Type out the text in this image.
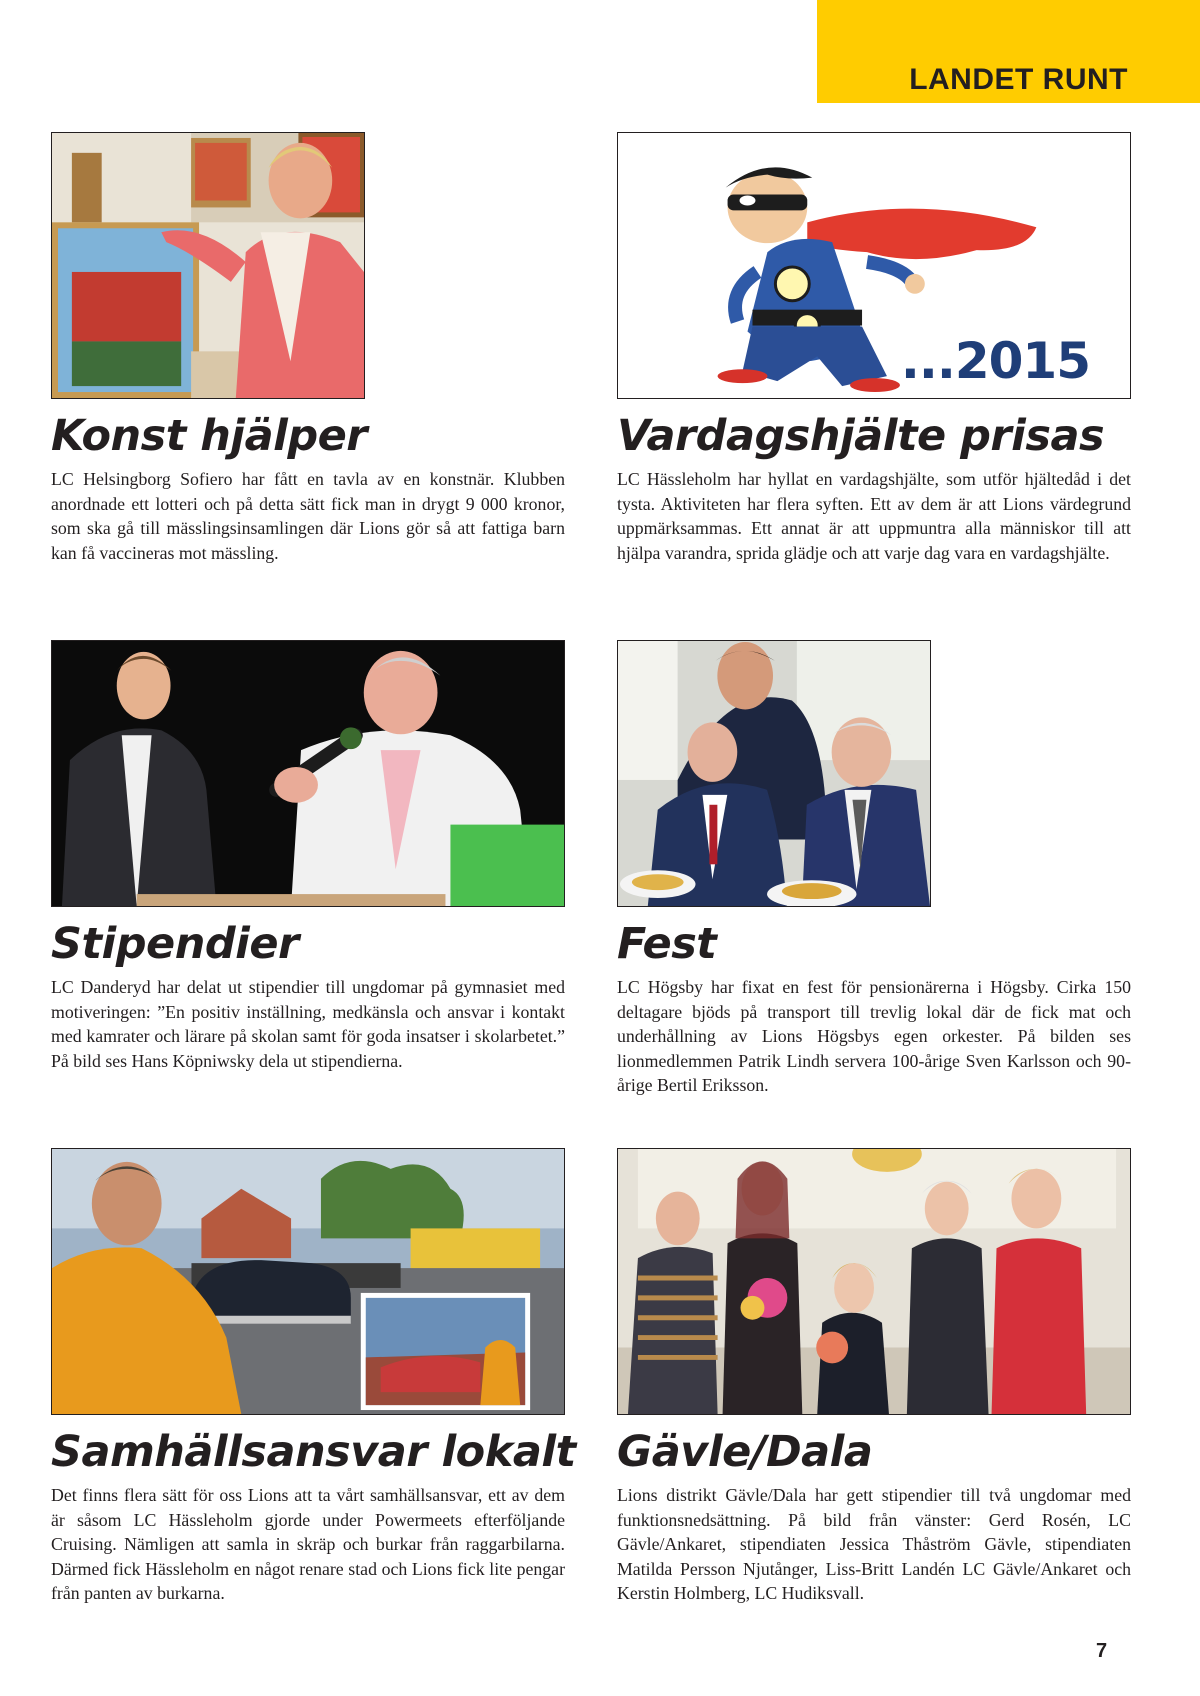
LANDET RUNT
Konst hjälper

LC Helsingborg Sofiero har fått en tavla av en konstnär. Klubben anordnade ett lotteri och på detta sätt fick man in drygt 9 000 kronor, som ska gå till mässlingsinsamlingen där Lions gör så att fattiga barn kan få vaccineras mot mässling.

...2015
Vardagshjälte prisas

LC Hässleholm har hyllat en vardagshjälte, som utför hjältedåd i det tysta. Aktiviteten har flera syften. Ett av dem är att Lions värdegrund uppmärksammas. Ett annat är att uppmuntra alla människor till att hjälpa varandra, sprida glädje och att varje dag vara en vardagshjälte.

Stipendier

LC Danderyd har delat ut stipendier till ungdomar på gymnasiet med motiveringen: ”En positiv inställning, medkänsla och ansvar i kontakt med kamrater och lärare på skolan samt för goda insatser i skolarbetet.” På bild ses Hans Köpniwsky dela ut stipendierna.

Fest

LC Högsby har fixat en fest för pensionärerna i Högsby. Cirka 150 deltagare bjöds på transport till trevlig lokal där de fick mat och underhållning av Lions Högsbys egen orkester. På bilden ses lionmedlemmen Patrik Lindh servera 100-årige Sven Karlsson och 90-årige Bertil Eriksson.

Samhällsansvar lokalt

Det finns flera sätt för oss Lions att ta vårt samhällsansvar, ett av dem är såsom LC Hässleholm gjorde under Powermeets efterföljande Cruising. Nämligen att samla in skräp och burkar från raggarbilarna. Därmed fick Hässleholm en något renare stad och Lions fick lite pengar från panten av burkarna.

Gävle/Dala

Lions distrikt Gävle/Dala har gett stipendier till två ungdomar med funktionsnedsättning. På bild från vänster: Gerd Rosén, LC Gävle/Ankaret, stipendiaten Jessica Thåström Gävle, stipendiaten Matilda Persson Njutånger, Liss-Britt Landén LC Gävle/Ankaret och Kerstin Holmberg, LC Hudiksvall.

7
